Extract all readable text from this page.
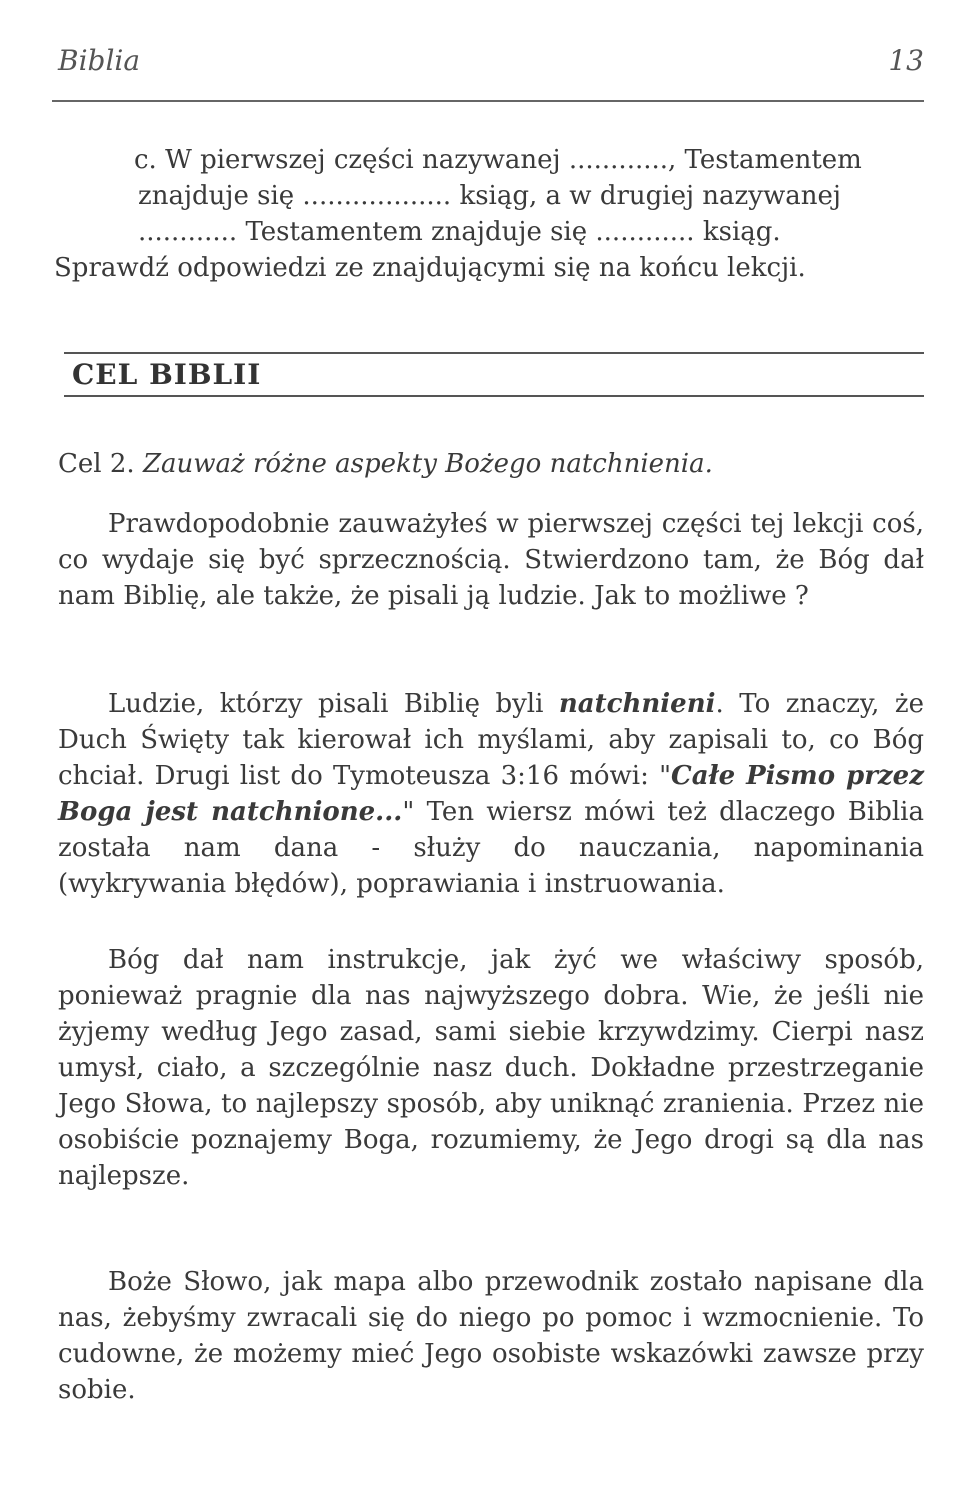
Biblia	13
c. W pierwszej części nazywanej ............, Testamentem
znajduje się .................. ksiąg, a w drugiej nazywanej
............ Testamentem znajduje się ............ ksiąg.
Sprawdź odpowiedzi ze znajdującymi się na końcu lekcji.
CEL BIBLII
Cel 2. Zauważ różne aspekty Bożego natchnienia.

Prawdopodobnie zauważyłeś w pierwszej części tej lekcji coś, co wydaje się być sprzecznością. Stwierdzono tam, że Bóg dał nam Biblię, ale także, że pisali ją ludzie. Jak to możliwe ?

Ludzie, którzy pisali Biblię byli natchnieni. To znaczy, że Duch Święty tak kierował ich myślami, aby zapisali to, co Bóg chciał. Drugi list do Tymoteusza 3:16 mówi: "Całe Pismo przez Boga jest natchnione..." Ten wiersz mówi też dlaczego Biblia została nam dana - służy do nauczania, napominania (wykrywania błędów), poprawiania i instruowania.

Bóg dał nam instrukcje, jak żyć we właściwy sposób, ponieważ pragnie dla nas najwyższego dobra. Wie, że jeśli nie żyjemy według Jego zasad, sami siebie krzywdzimy. Cierpi nasz umysł, ciało, a szczególnie nasz duch. Dokładne przestrzeganie Jego Słowa, to najlepszy sposób, aby uniknąć zranienia. Przez nie osobiście poznajemy Boga, rozumiemy, że Jego drogi są dla nas najlepsze.

Boże Słowo, jak mapa albo przewodnik zostało napisane dla nas, żebyśmy zwracali się do niego po pomoc i wzmocnienie. To cudowne, że możemy mieć Jego osobiste wskazówki zawsze przy sobie.
